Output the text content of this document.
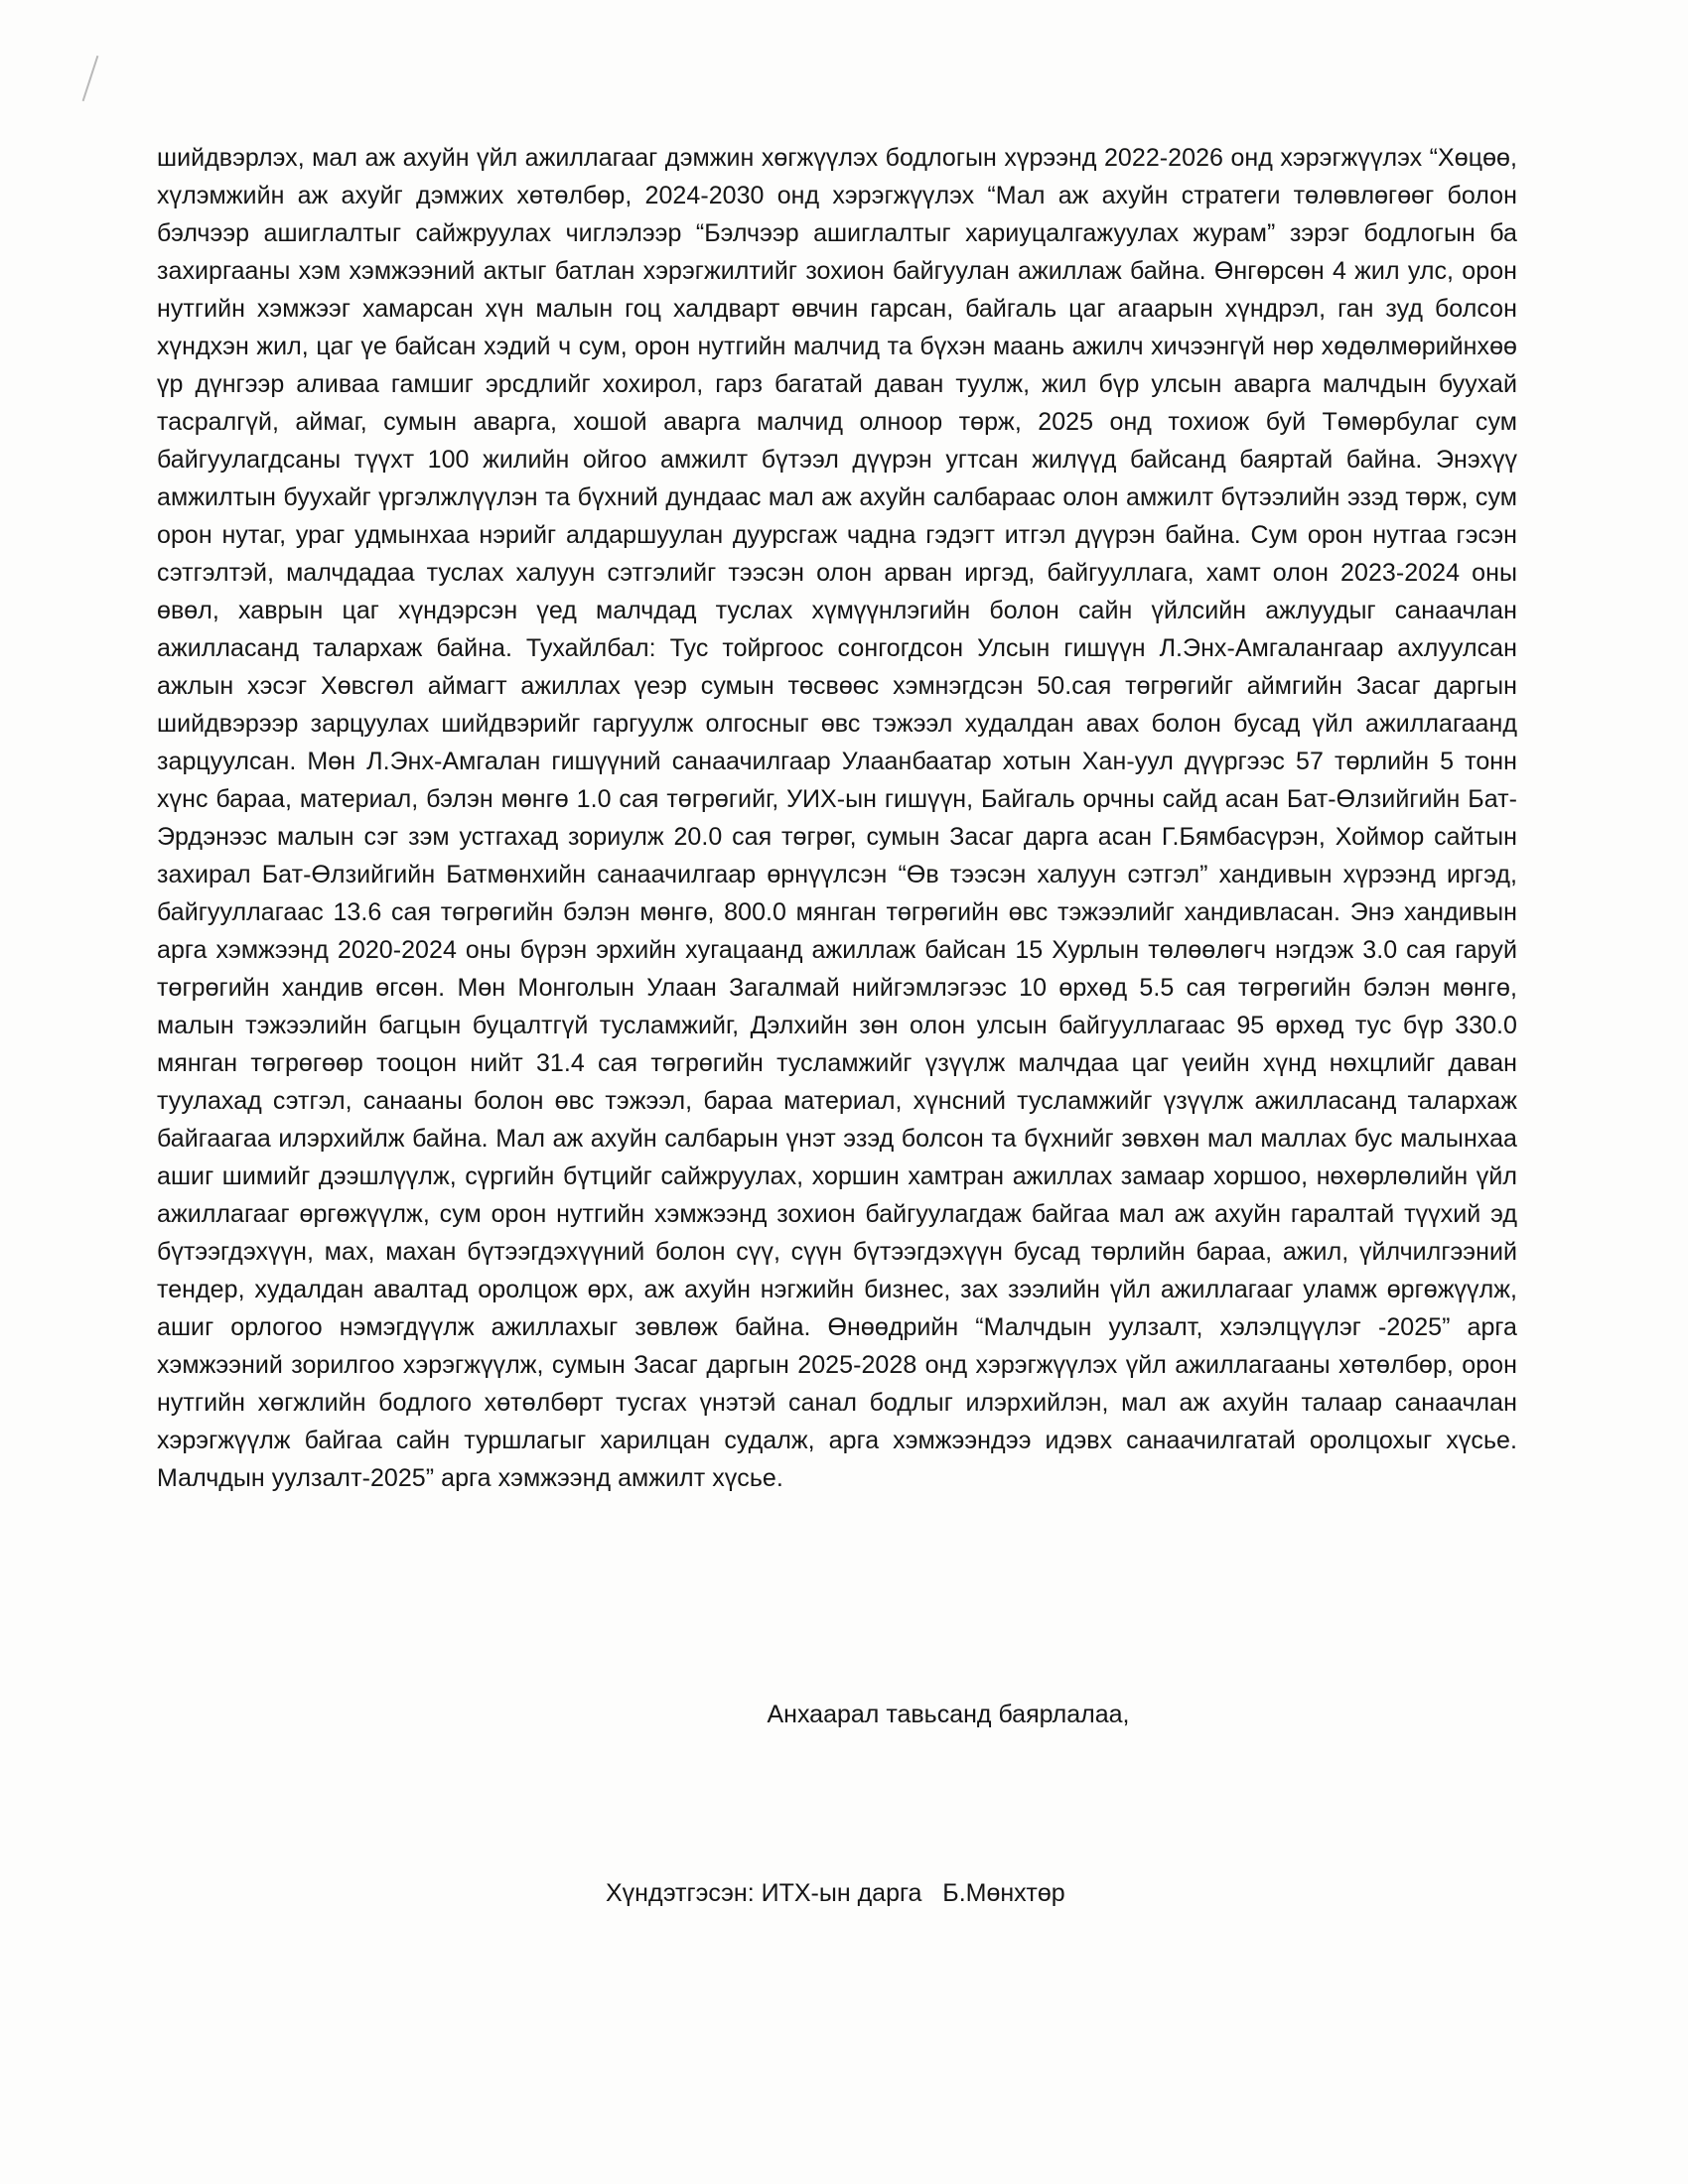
шийдвэрлэх, мал аж ахуйн үйл ажиллагааг дэмжин хөгжүүлэх бодлогын хүрээнд 2022-2026 онд хэрэгжүүлэх “Хөцөө, хүлэмжийн аж ахуйг дэмжих хөтөлбөр, 2024-2030 онд хэрэгжүүлэх “Мал аж ахуйн стратеги төлөвлөгөөг болон бэлчээр ашиглалтыг сайжруулах чиглэлээр “Бэлчээр ашиглалтыг хариуцалгажуулах журам” зэрэг бодлогын ба захиргааны хэм хэмжээний актыг батлан хэрэгжилтийг зохион байгуулан ажиллаж байна. Өнгөрсөн 4 жил улс, орон нутгийн хэмжээг хамарсан хүн малын гоц халдварт өвчин гарсан, байгаль цаг агаарын хүндрэл, ган зуд болсон хүндхэн жил, цаг үе байсан хэдий ч сум, орон нутгийн малчид та бүхэн маань ажилч хичээнгүй нөр хөдөлмөрийнхөө үр дүнгээр аливаа гамшиг эрсдлийг хохирол, гарз багатай даван туулж, жил бүр улсын аварга малчдын буухай тасралгүй, аймаг, сумын аварга, хошой аварга малчид олноор төрж, 2025 онд тохиож буй Төмөрбулаг сум байгуулагдсаны түүхт 100 жилийн ойгоо амжилт бүтээл дүүрэн угтсан жилүүд байсанд баяртай байна. Энэхүү амжилтын буухайг үргэлжлүүлэн та бүхний дундаас мал аж ахуйн салбараас олон амжилт бүтээлийн эзэд төрж, сум орон нутаг, ураг удмынхаа нэрийг алдаршуулан дуурсгаж чадна гэдэгт итгэл дүүрэн байна. Сум орон нутгаа гэсэн сэтгэлтэй, малчдадаа туслах халуун сэтгэлийг тээсэн олон арван иргэд, байгууллага, хамт олон 2023-2024 оны өвөл, хаврын цаг хүндэрсэн үед малчдад туслах хүмүүнлэгийн болон сайн үйлсийн ажлуудыг санаачлан ажилласанд талархаж байна. Тухайлбал: Тус тойргоос сонгогдсон Улсын гишүүн Л.Энх-Амгалангаар ахлуулсан ажлын хэсэг Хөвсгөл аймагт ажиллах үеэр сумын төсвөөс хэмнэгдсэн 50.сая төгрөгийг аймгийн Засаг даргын шийдвэрээр зарцуулах шийдвэрийг гаргуулж олгосныг өвс тэжээл худалдан авах болон бусад үйл ажиллагаанд зарцуулсан. Мөн Л.Энх-Амгалан гишүүний санаачилгаар Улаанбаатар хотын Хан-уул дүүргээс 57 төрлийн 5 тонн хүнс бараа, материал, бэлэн мөнгө 1.0 сая төгрөгийг, УИХ-ын гишүүн, Байгаль орчны сайд асан Бат-Өлзийгийн Бат-Эрдэнээс малын сэг зэм устгахад зориулж 20.0 сая төгрөг, сумын Засаг дарга асан Г.Бямбасүрэн, Хоймор сайтын захирал Бат-Өлзийгийн Батмөнхийн санаачилгаар өрнүүлсэн “Өв тээсэн халуун сэтгэл” хандивын хүрээнд иргэд, байгууллагаас 13.6 сая төгрөгийн бэлэн мөнгө, 800.0 мянган төгрөгийн өвс тэжээлийг хандивласан. Энэ хандивын арга хэмжээнд 2020-2024 оны бүрэн эрхийн хугацаанд ажиллаж байсан 15 Хурлын төлөөлөгч нэгдэж 3.0 сая гаруй төгрөгийн хандив өгсөн. Мөн Монголын Улаан Загалмай нийгэмлэгээс 10 өрхөд 5.5 сая төгрөгийн бэлэн мөнгө, малын тэжээлийн багцын буцалтгүй тусламжийг, Дэлхийн зөн олон улсын байгууллагаас 95 өрхөд тус бүр 330.0 мянган төгрөгөөр тооцон нийт 31.4 сая төгрөгийн тусламжийг үзүүлж малчдаа цаг үеийн хүнд нөхцлийг даван туулахад сэтгэл, санааны болон өвс тэжээл, бараа материал, хүнсний тусламжийг үзүүлж ажилласанд талархаж байгаагаа илэрхийлж байна. Мал аж ахуйн салбарын үнэт эзэд болсон та бүхнийг зөвхөн мал маллах бус малынхаа ашиг шимийг дээшлүүлж, сүргийн бүтцийг сайжруулах, хоршин хамтран ажиллах замаар хоршоо, нөхөрлөлийн үйл ажиллагааг өргөжүүлж, сум орон нутгийн хэмжээнд зохион байгуулагдаж байгаа мал аж ахуйн гаралтай түүхий эд бүтээгдэхүүн, мах, махан бүтээгдэхүүний болон сүү, сүүн бүтээгдэхүүн бусад төрлийн бараа, ажил, үйлчилгээний тендер, худалдан авалтад оролцож өрх, аж ахуйн нэгжийн бизнес, зах зээлийн үйл ажиллагааг уламж өргөжүүлж, ашиг орлогоо нэмэгдүүлж ажиллахыг зөвлөж байна. Өнөөдрийн “Малчдын уулзалт, хэлэлцүүлэг -2025” арга хэмжээний зорилгоо хэрэгжүүлж, сумын Засаг даргын 2025-2028 онд хэрэгжүүлэх үйл ажиллагааны хөтөлбөр, орон нутгийн хөгжлийн бодлого хөтөлбөрт тусгах үнэтэй санал бодлыг илэрхийлэн, мал аж ахуйн талаар санаачлан хэрэгжүүлж байгаа сайн туршлагыг харилцан судалж, арга хэмжээндээ идэвх санаачилгатай оролцохыг хүсье. Малчдын уулзалт-2025” арга хэмжээнд амжилт хүсье.

Анхаарал тавьсанд баярлалаа,

Хүндэтгэсэн: ИТХ-ын дарга   Б.Мөнхтөр
